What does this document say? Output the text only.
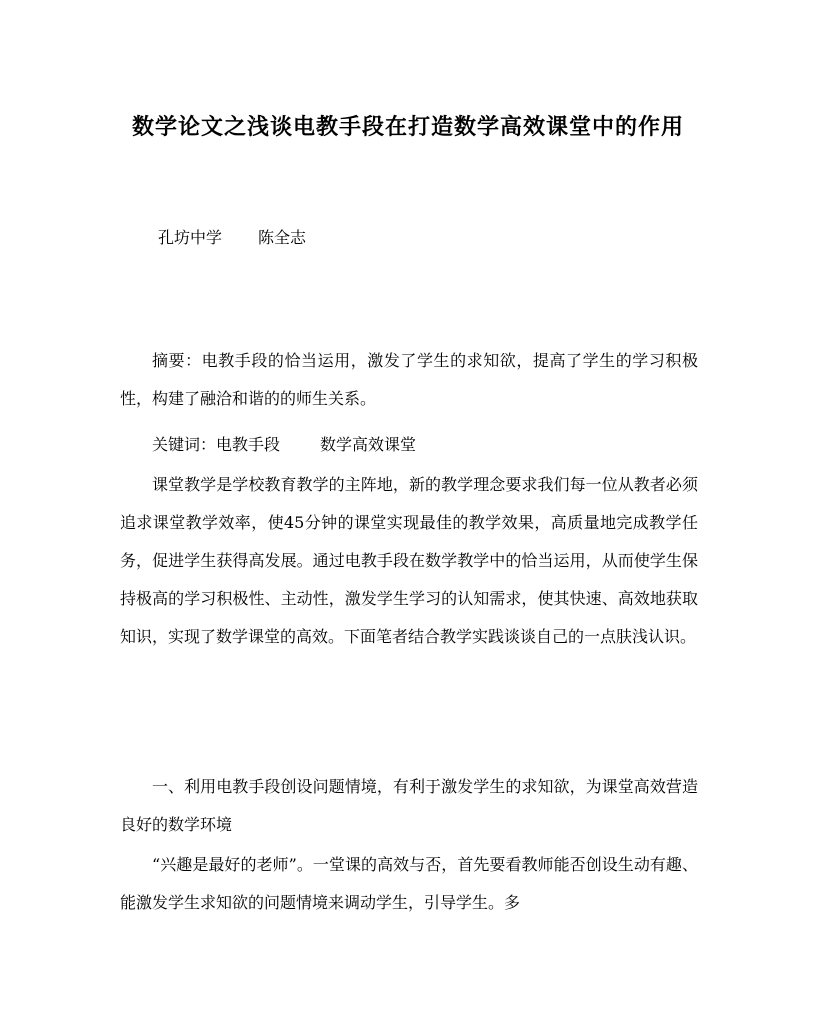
数学论文之浅谈电教手段在打造数学高效课堂中的作用
孔坊中学 陈全志

摘要：电教手段的恰当运用，激发了学生的求知欲，提高了学生的学习积极性，构建了融洽和谐的的师生关系。

关键词：电教手段	数学高效课堂

课堂教学是学校教育教学的主阵地，新的教学理念要求我们每一位从教者必须追求课堂教学效率，使45分钟的课堂实现最佳的教学效果，高质量地完成教学任务，促进学生获得高发展。通过电教手段在数学教学中的恰当运用，从而使学生保持极高的学习积极性、主动性，激发学生学习的认知需求，使其快速、高效地获取知识，实现了数学课堂的高效。下面笔者结合教学实践谈谈自己的一点肤浅认识。

一、利用电教手段创设问题情境，有利于激发学生的求知欲，为课堂高效营造良好的数学环境

“兴趣是最好的老师”。一堂课的高效与否，首先要看教师能否创设生动有趣、能激发学生求知欲的问题情境来调动学生，引导学生。多
